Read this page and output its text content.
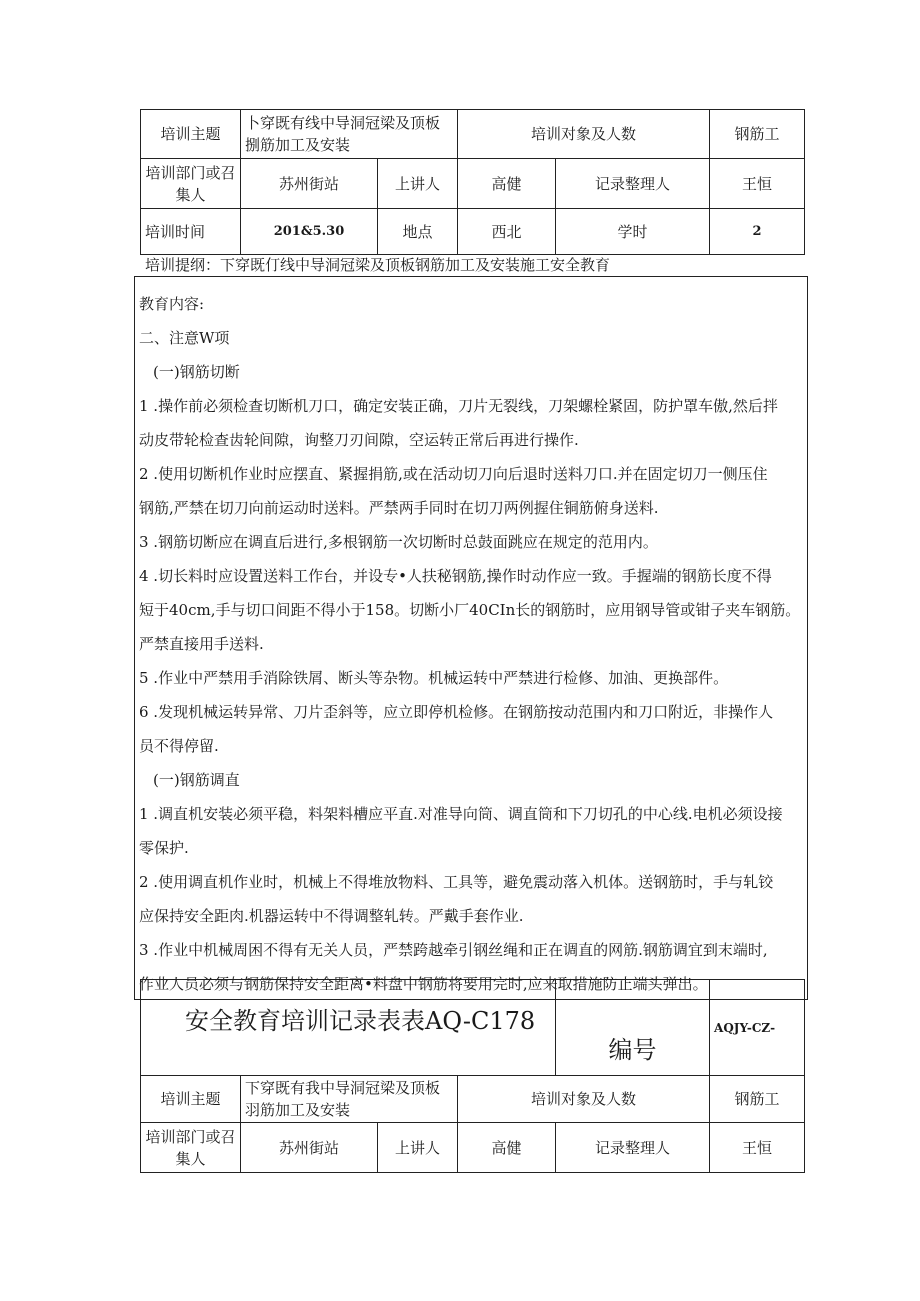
培训主题	卜穿既有线中导洞冠梁及顶板捌筋加工及安装		培训对象及人数		钢筋工
培训部门或召集人	苏州街站	上讲人	高健	记录整理人	王恒
培训时间	201&5.30	地点	西北	学时	2
培训提纲：下穿既仃线中导洞冠梁及顶板钢筋加工及安装施工安全教育

教育内容:

二、注意W项

(一)钢筋切断

1 .操作前必须检查切断机刀口，确定安装正确，刀片无裂线，刀架螺栓紧固，防护罩车傲,然后拌

动皮带轮检查齿轮间隙，询整刀刃间隙，空运转正常后再进行操作.

2 .使用切断机作业时应摆直、紧握捐筋,或在活动切刀向后退时送料刀口.并在固定切刀一侧压住

钢筋,严禁在切刀向前运动时送料。严禁两手同时在切刀两例握住铜筋俯身送料.

3 .钢筋切断应在调直后进行,多根钢筋一次切断时总鼓面跳应在规定的范用内。

4 .切长料时应设置送料工作台，并设专•人扶秘钢筋,操作时动作应一致。手握端的钢筋长度不得

短于40cm,手与切口间距不得小于158。切断小厂40CIn长的钢筋时，应用钢导管或钳子夹车钢筋。

严禁直接用手送料.

5 .作业中严禁用手消除铁屑、断头等杂物。机械运转中严禁进行检修、加油、更换部件。

6 .发现机械运转异常、刀片歪斜等，应立即停机检修。在钢筋按动范围内和刀口附近，非操作人

员不得停留.

(一)钢筋调直

1 .调直机安装必须平稳，料架料槽应平直.对准导向筒、调直筒和下刀切孔的中心线.电机必须设接

零保护.

2 .使用调直机作业时，机械上不得堆放物料、工具等，避免震动落入机体。送钢筋时，手与轧铰

应保持安全距肉.机器运转中不得调整轧转。严戴手套作业.

3 .作业中机械周困不得有无关人员，严禁跨越牵引钢丝绳和正在调直的网筋.钢筋调宜到末端时,

作业人员必须与钢筋保持安全距离•料盘中钢筋将要用完时,应来取措施防止端头弹出。

安全教育培训记录表表AQ-C178				编号	AQJY-CZ-
培训主题	下穿既有我中导洞冠梁及顶板羽筋加工及安装		培训对象及人数		钢筋工
培训部门或召集人	苏州街站	上讲人	高健	记录整理人	王恒
